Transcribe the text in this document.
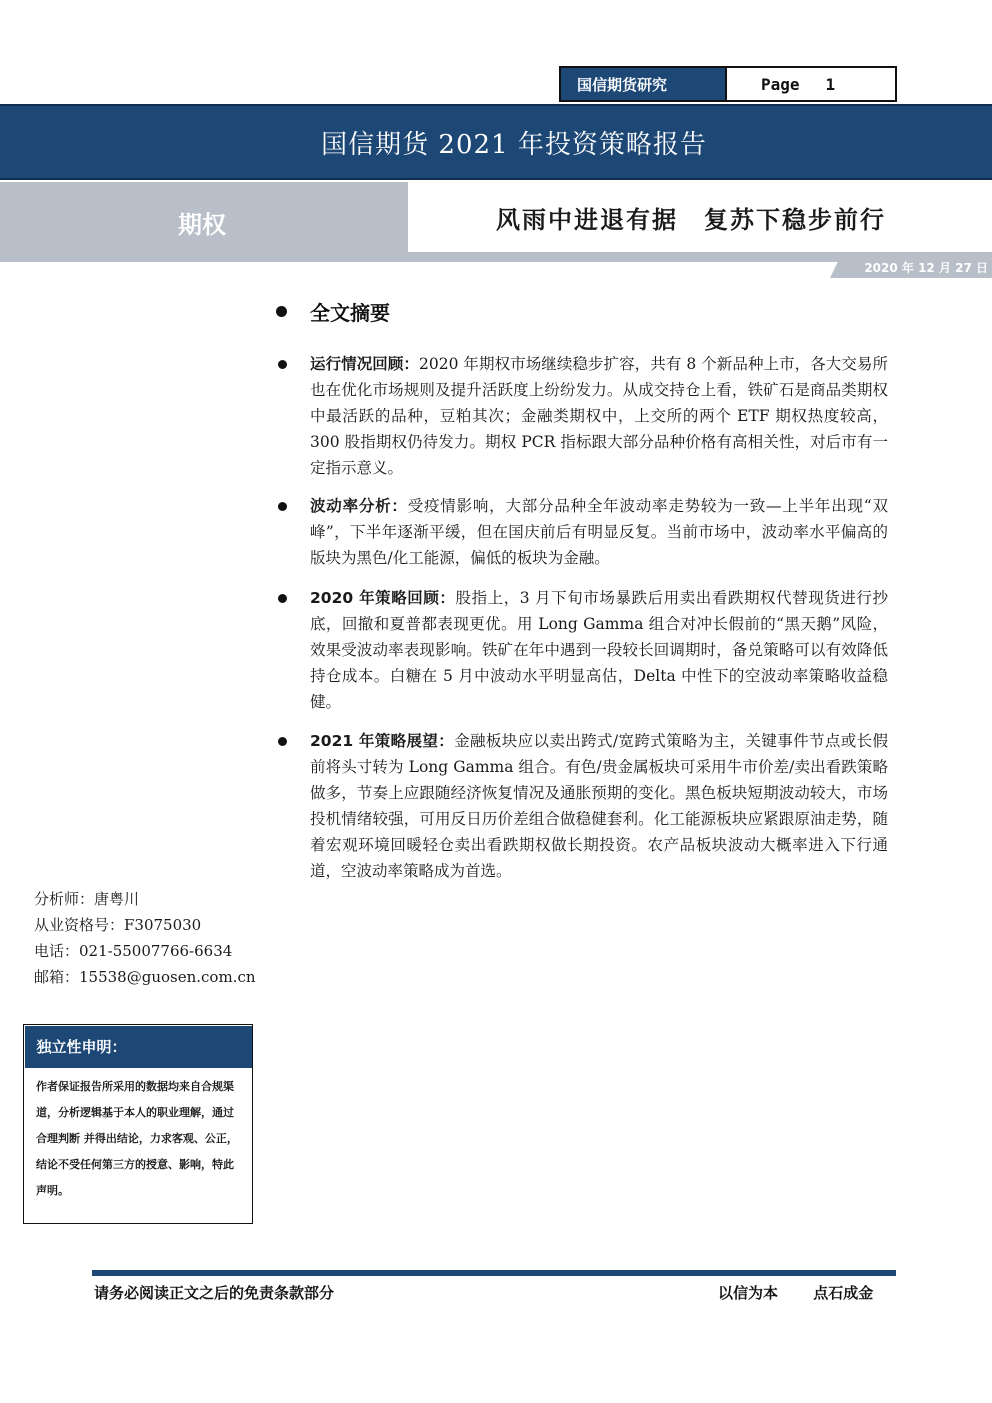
国信期货研究	Page 1
国信期货 2021 年投资策略报告
期权	风雨中进退有据　复苏下稳步前行
2020 年 12 月 27 日
全文摘要
运行情况回顾：2020 年期权市场继续稳步扩容，共有 8 个新品种上市，各大交易所也在优化市场规则及提升活跃度上纷纷发力。从成交持仓上看，铁矿石是商品类期权中最活跃的品种，豆粕其次；金融类期权中，上交所的两个 ETF 期权热度较高，300 股指期权仍待发力。期权 PCR 指标跟大部分品种价格有高相关性，对后市有一定指示意义。
波动率分析：受疫情影响，大部分品种全年波动率走势较为一致—上半年出现“双峰”，下半年逐渐平缓，但在国庆前后有明显反复。当前市场中，波动率水平偏高的版块为黑色/化工能源，偏低的板块为金融。
2020 年策略回顾：股指上，3 月下旬市场暴跌后用卖出看跌期权代替现货进行抄底，回撤和夏普都表现更优。用 Long Gamma 组合对冲长假前的“黑天鹅”风险，效果受波动率表现影响。铁矿在年中遇到一段较长回调期时，备兑策略可以有效降低持仓成本。白糖在 5 月中波动水平明显高估，Delta 中性下的空波动率策略收益稳健。
2021 年策略展望：金融板块应以卖出跨式/宽跨式策略为主，关键事件节点或长假前将头寸转为 Long Gamma 组合。有色/贵金属板块可采用牛市价差/卖出看跌策略做多，节奏上应跟随经济恢复情况及通胀预期的变化。黑色板块短期波动较大，市场投机情绪较强，可用反日历价差组合做稳健套利。化工能源板块应紧跟原油走势，随着宏观环境回暖轻仓卖出看跌期权做长期投资。农产品板块波动大概率进入下行通道，空波动率策略成为首选。
分析师：唐粤川
从业资格号：F3075030
电话：021-55007766-6634
邮箱：15538@guosen.com.cn
独立性申明：
作者保证报告所采用的数据均来自合规渠道，分析逻辑基于本人的职业理解，通过合理判断 并得出结论，力求客观、公正，结论不受任何第三方的授意、影响，特此声明。
请务必阅读正文之后的免责条款部分	以信为本 点石成金
